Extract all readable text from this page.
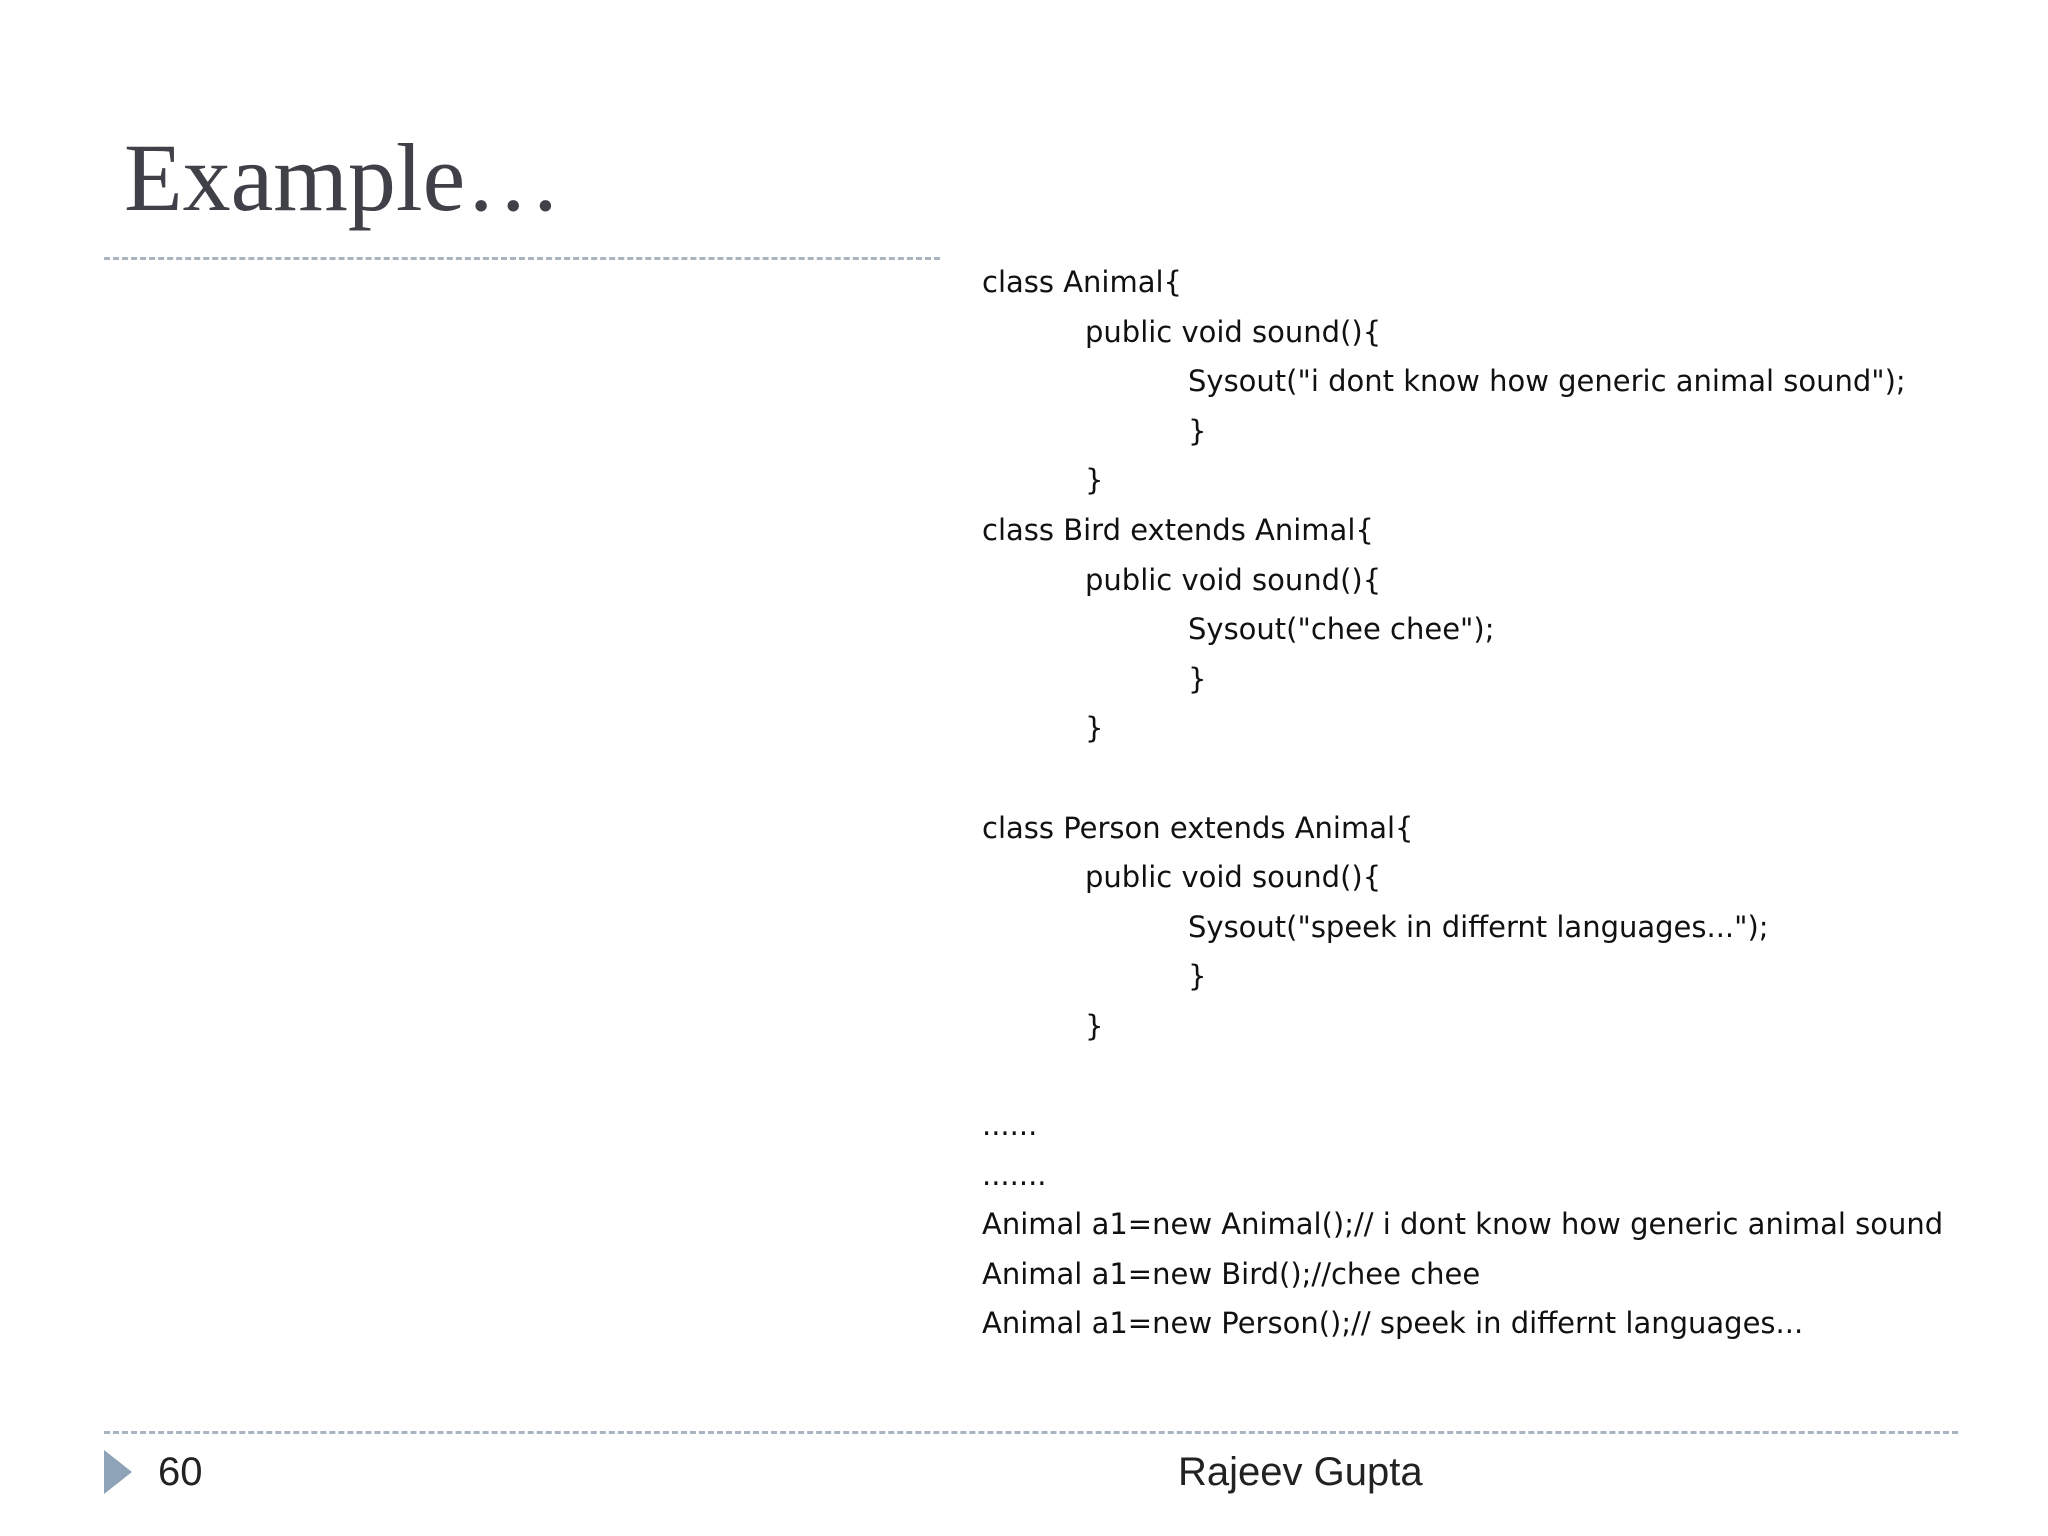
Example…
class Animal{
public void sound(){
Sysout("i dont know how generic animal sound");
}
}
class Bird extends Animal{
public void sound(){
Sysout("chee chee");
}
}
class Person extends Animal{
public void sound(){
Sysout("speek in differnt languages...");
}
}
......
.......
Animal a1=new Animal();// i dont know how generic animal sound
Animal a1=new Bird();//chee chee
Animal a1=new Person();// speek in differnt languages...
60	Rajeev Gupta
